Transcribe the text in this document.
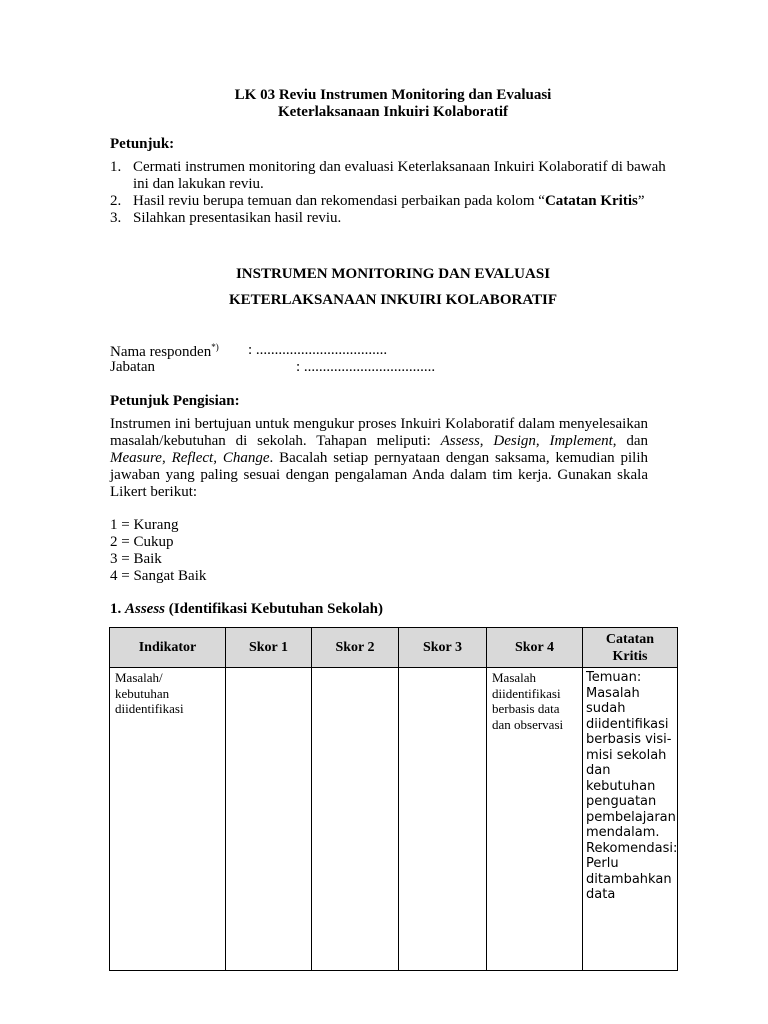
LK 03 Reviu Instrumen Monitoring dan Evaluasi
Keterlaksanaan Inkuiri Kolaboratif
Petunjuk:
1. Cermati instrumen monitoring dan evaluasi Keterlaksanaan Inkuiri Kolaboratif di bawah ini dan lakukan reviu.
2. Hasil reviu berupa temuan dan rekomendasi perbaikan pada kolom “Catatan Kritis”
3. Silahkan presentasikan hasil reviu.
INSTRUMEN MONITORING DAN EVALUASI
KETERLAKSANAAN INKUIRI KOLABORATIF
Nama responden*) : ...................................
Jabatan	: ...................................
Petunjuk Pengisian:
Instrumen ini bertujuan untuk mengukur proses Inkuiri Kolaboratif dalam menyelesaikan masalah/kebutuhan di sekolah. Tahapan meliputi: Assess, Design, Implement, dan Measure, Reflect, Change. Bacalah setiap pernyataan dengan saksama, kemudian pilih jawaban yang paling sesuai dengan pengalaman Anda dalam tim kerja. Gunakan skala Likert berikut:
1 = Kurang
2 = Cukup
3 = Baik
4 = Sangat Baik
1. Assess (Identifikasi Kebutuhan Sekolah)
Indikator	Skor 1	Skor 2	Skor 3	Skor 4	Catatan Kritis
Masalah/ kebutuhan diidentifikasi				Masalah diidentifikasi berbasis data dan observasi	Temuan: Masalah sudah diidentifikasi berbasis visi-misi sekolah dan kebutuhan penguatan pembelajaran mendalam. Rekomendasi: Perlu ditambahkan data
